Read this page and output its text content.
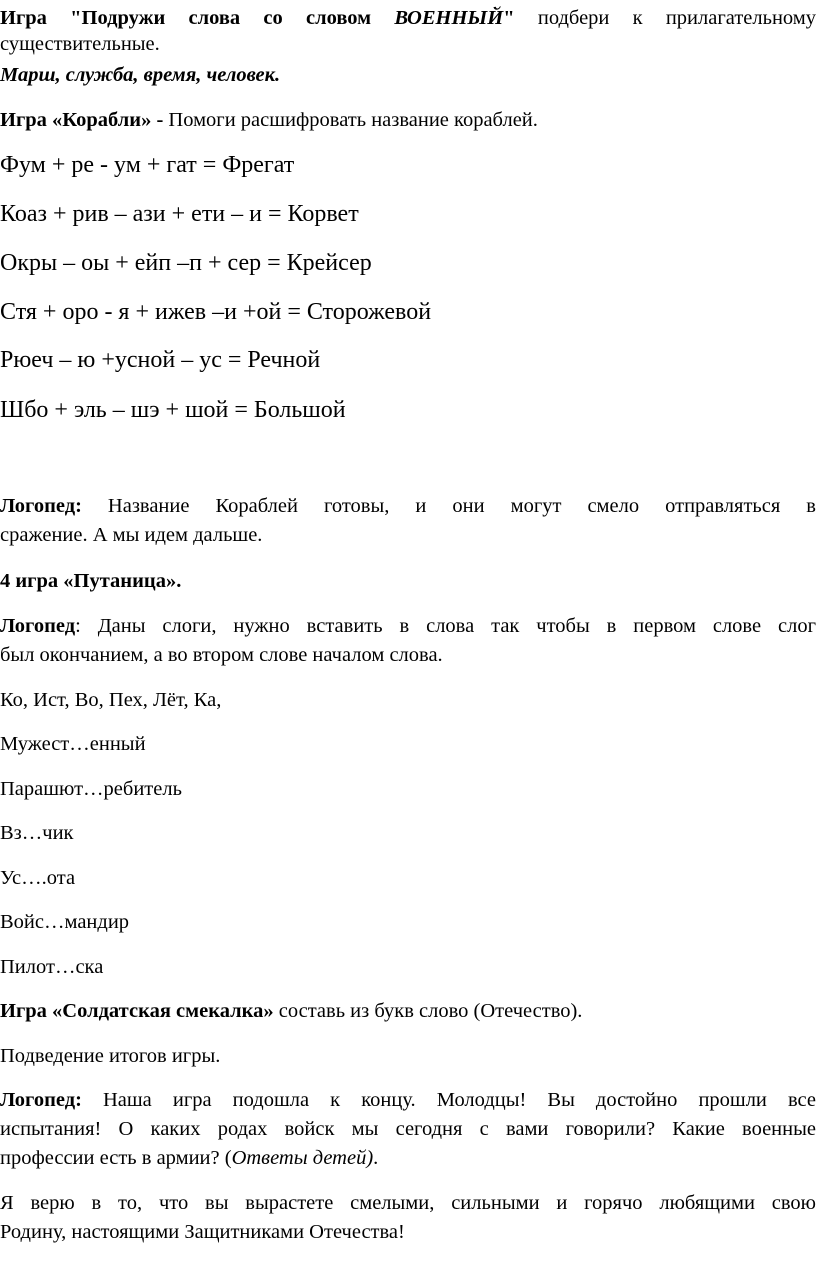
Игра "Подружи слова со словом ВОЕННЫЙ" подбери к прилагательному

существительные.

Марш, служба, время, человек.

Игра «Корабли» - Помоги расшифровать название кораблей.

Фум + ре - ум + гат = Фрегат

Коаз + рив – ази + ети – и = Корвет

Окры – оы + ейп –п + сер = Крейсер

Стя + оро - я + ижев –и +ой = Сторожевой

Рюеч – ю +усной – ус = Речной

Шбо + эль – шэ + шой = Большой

Логопед: Название Кораблей готовы, и они могут смело отправляться в

сражение. А мы идем дальше.

4 игра «Путаница».

Логопед: Даны слоги, нужно вставить в слова так чтобы в первом слове слог

был окончанием, а во втором слове началом слова.

Ко, Ист, Во, Пех, Лёт, Ка,

Мужест…енный

Парашют…ребитель

Вз…чик

Ус….ота

Войс…мандир

Пилот…ска

Игра «Солдатская смекалка» составь из букв слово (Отечество).

Подведение итогов игры.

Логопед: Наша игра подошла к концу. Молодцы! Вы достойно прошли все

испытания! О каких родах войск мы сегодня с вами говорили? Какие военные

профессии есть в армии? (Ответы детей).

Я верю в то, что вы вырастете смелыми, сильными и горячо любящими свою

Родину, настоящими Защитниками Отечества!
